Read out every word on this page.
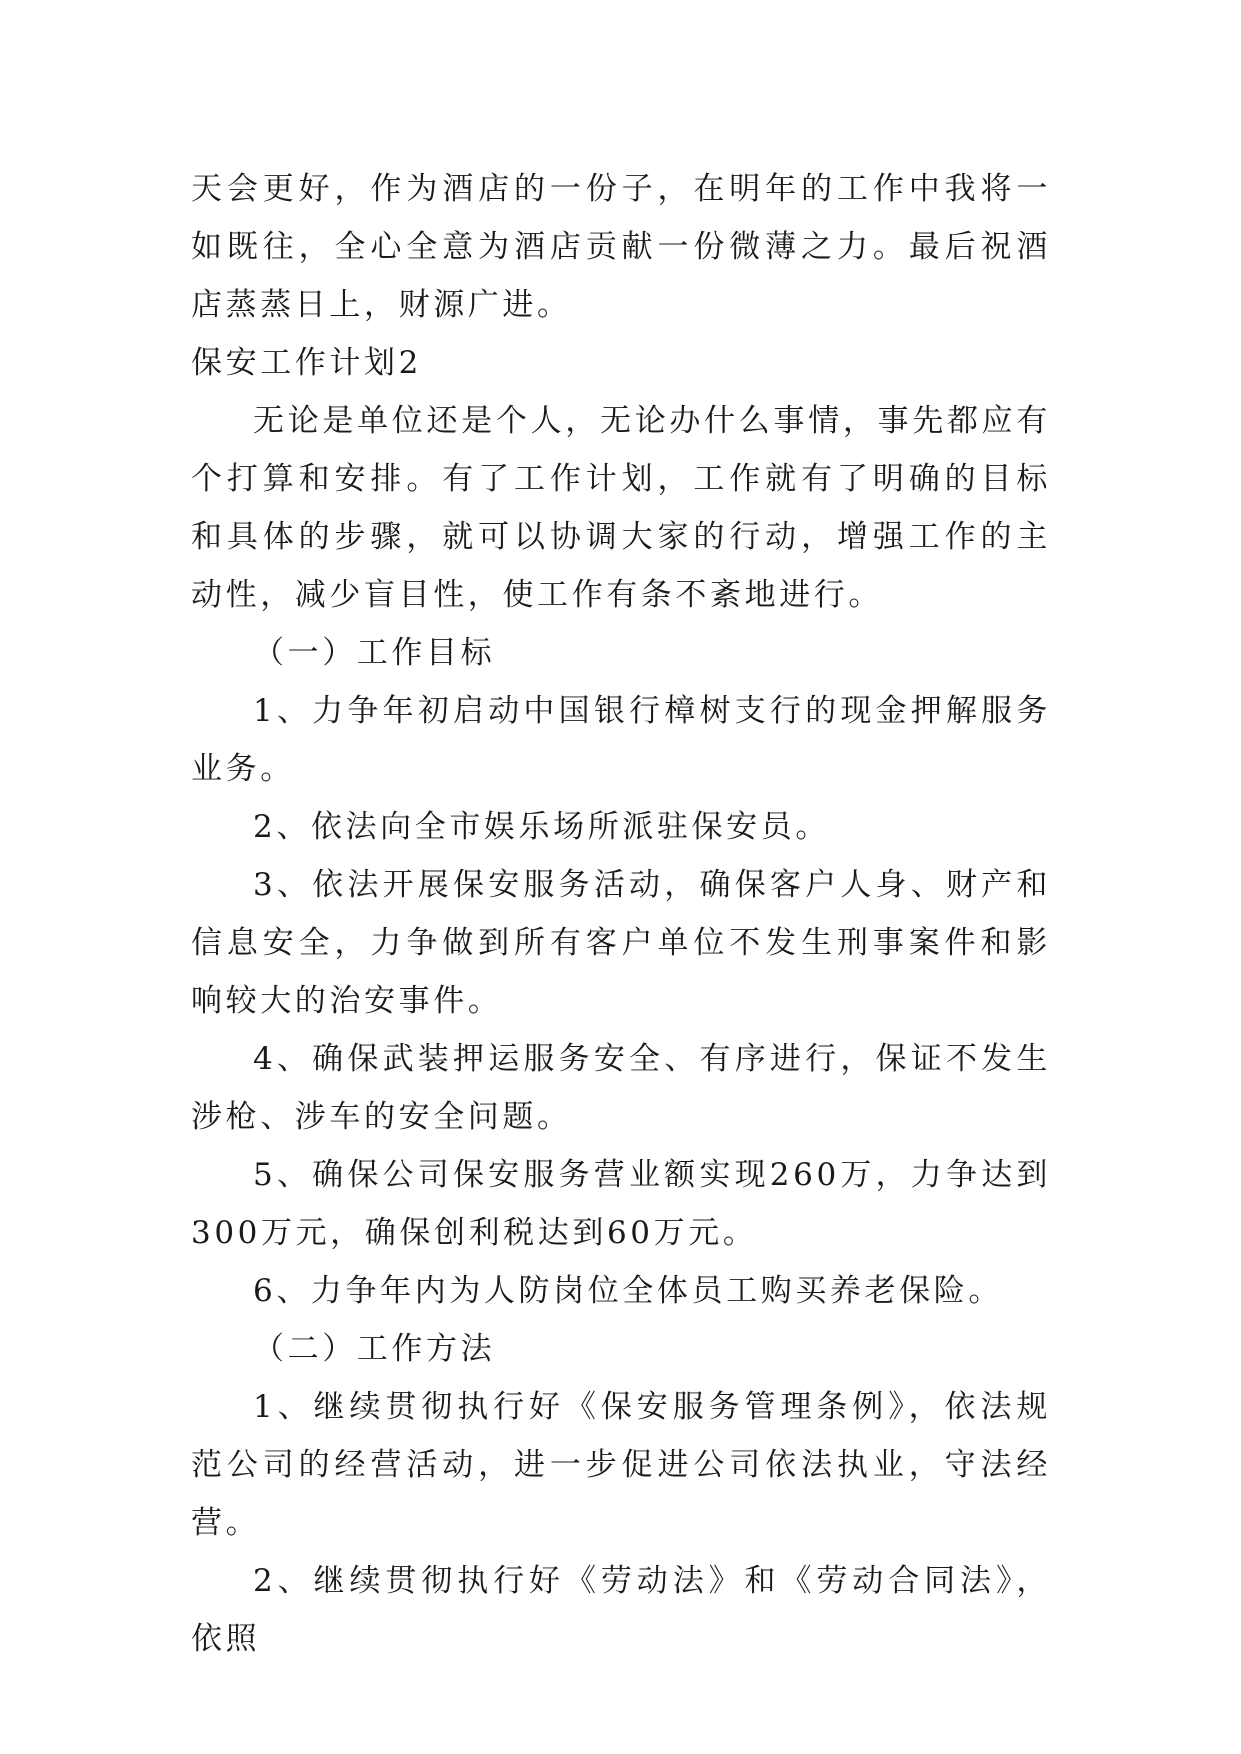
天会更好，作为酒店的一份子，在明年的工作中我将一如既往，全心全意为酒店贡献一份微薄之力。最后祝酒店蒸蒸日上，财源广进。

保安工作计划2

无论是单位还是个人，无论办什么事情，事先都应有个打算和安排。有了工作计划，工作就有了明确的目标和具体的步骤，就可以协调大家的行动，增强工作的主动性，减少盲目性，使工作有条不紊地进行。

（一）工作目标

1、力争年初启动中国银行樟树支行的现金押解服务业务。

2、依法向全市娱乐场所派驻保安员。

3、依法开展保安服务活动，确保客户人身、财产和信息安全，力争做到所有客户单位不发生刑事案件和影响较大的治安事件。

4、确保武装押运服务安全、有序进行，保证不发生涉枪、涉车的安全问题。

5、确保公司保安服务营业额实现260万，力争达到300万元，确保创利税达到60万元。

6、力争年内为人防岗位全体员工购买养老保险。

（二）工作方法

1、继续贯彻执行好《保安服务管理条例》，依法规范公司的经营活动，进一步促进公司依法执业，守法经营。

2、继续贯彻执行好《劳动法》和《劳动合同法》，依照
